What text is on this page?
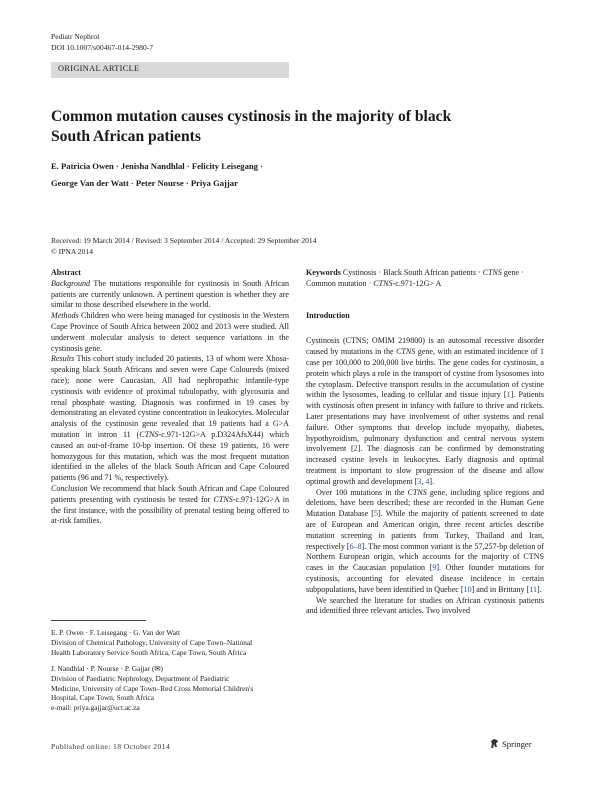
Pediatr Nephrol
DOI 10.1007/s00467-014-2980-7
ORIGINAL ARTICLE
Common mutation causes cystinosis in the majority of black
South African patients
E. Patricia Owen · Jenisha Nandhlal · Felicity Leisegang ·
George Van der Watt · Peter Nourse · Priya Gajjar
Received: 19 March 2014 / Revised: 3 September 2014 / Accepted: 29 September 2014
© IPNA 2014

Abstract

Background The mutations responsible for cystinosis in South African patients are currently unknown. A pertinent question is whether they are similar to those described elsewhere in the world.

Methods Children who were being managed for cystinosis in the Western Cape Province of South Africa between 2002 and 2013 were studied. All underwent molecular analysis to detect sequence variations in the cystinosis gene.

Results This cohort study included 20 patients, 13 of whom were Xhosa-speaking black South Africans and seven were Cape Coloureds (mixed race); none were Caucasian. All had nephropathic infantile-type cystinosis with evidence of proximal tubulopathy, with glycosuria and renal phosphate wasting. Diagnosis was confirmed in 19 cases by demonstrating an elevated cystine concentration in leukocytes. Molecular analysis of the cystinosin gene revealed that 19 patients had a G>A mutation in intron 11 (CTNS-c.971-12G>A p.D324AfsX44) which caused an out-of-frame 10-bp insertion. Of these 19 patients, 16 were homozygous for this mutation, which was the most frequent mutation identified in the alleles of the black South African and Cape Coloured patients (96 and 71 %, respectively).

Conclusion We recommend that black South African and Cape Coloured patients presenting with cystinosis be tested for CTNS-c.971-12G>A in the first instance, with the possibility of prenatal testing being offered to at-risk families.

Keywords Cystinosis · Black South African patients · CTNS gene · Common mutation · CTNS-c.971-12G> A

Introduction

Cystinosis (CTNS; OMIM 219800) is an autosomal recessive disorder caused by mutations in the CTNS gene, with an estimated incidence of 1 case per 100,000 to 200,000 live births. The gene codes for cystinosin, a protein which plays a role in the transport of cystine from lysosomes into the cytoplasm. Defective transport results in the accumulation of cystine within the lysosomes, leading to cellular and tissue injury [1]. Patients with cystinosis often present in infancy with failure to thrive and rickets. Later presentations may have involvement of other systems and renal failure. Other symptoms that develop include myopathy, diabetes, hypothyroidism, pulmonary dysfunction and central nervous system involvement [2]. The diagnosis can be confirmed by demonstrating increased cystine levels in leukocytes. Early diagnosis and optimal treatment is important to slow progression of the disease and allow optimal growth and development [3, 4].

Over 100 mutations in the CTNS gene, including splice regions and deletions, have been described; these are recorded in the Human Gene Mutation Database [5]. While the majority of patients screened to date are of European and American origin, three recent articles describe mutation screening in patients from Turkey, Thailand and Iran, respectively [6–8]. The most common variant is the 57,257-bp deletion of Northern European origin, which accounts for the majority of CTNS cases in the Caucasian population [9]. Other founder mutations for cystinosis, accounting for elevated disease incidence in certain subpopulations, have been identified in Quebec [10] and in Brittany [11].

We searched the literature for studies on African cystinosis patients and identified three relevant articles. Two involved

E. P. Owen · F. Leisegang · G. Van der Watt

Division of Chemical Pathology, University of Cape Town–National

Health Laboratory Service South Africa, Cape Town, South Africa

J. Nandhlal · P. Nourse · P. Gajjar (✉)

Division of Paediatric Nephrology, Department of Paediatric

Medicine, University of Cape Town–Red Cross Memorial Children's

Hospital, Cape Town, South Africa

e-mail: priya.gajjar@uct.ac.za

Published online: 18 October 2014	Springer
